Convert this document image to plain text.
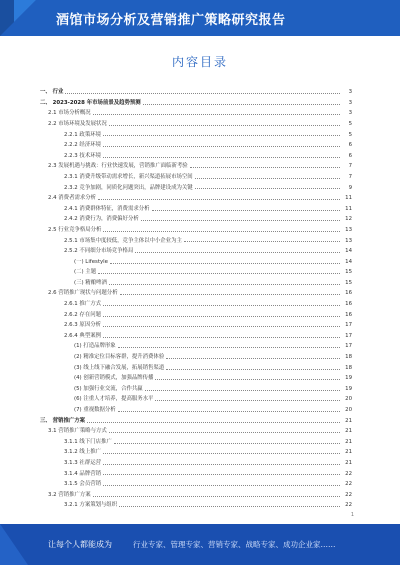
酒馆市场分析及营销推广策略研究报告
内容目录
一、 行业	3
二、 2023-2028 年市场前景及趋势预测	3
2.1 市场分析概况	3
2.2 市场环境及发展状况	5
2.2.1 政策环境	5
2.2.2 经济环境	6
2.2.3 技术环境	6
2.3 发展机遇与挑战：行业快速发展，营销推广面临新考验	7
2.3.1 消费升级带动需求增长，新兴渠道拓展市场空间	7
2.3.2 竞争加剧，同质化问题突出，品牌建设成为关键	9
2.4 消费者需求分析	11
2.4.1 消费群体特征，消费需求分析	11
2.4.2 消费行为，消费偏好分析	12
2.5 行业竞争格局分析	13
2.5.1 市场集中度较低，竞争主体以中小企业为主	13
2.5.2 不同细分市场竞争格局	14
(一) Lifestyle	14
(二) 主题	15
(三) 精酿啤酒	15
2.6 营销推广现状与问题分析	16
2.6.1 推广方式	16
2.6.2 存在问题	16
2.6.3 原因分析	17
2.6.4 典型案例	17
(1) 打造品牌形象	17
(2) 精准定位目标客群，提升消费体验	18
(3) 线上线下融合发展，拓展销售渠道	18
(4) 创新营销模式，加强品牌传播	19
(5) 加强行业交流，合作共赢	19
(6) 注重人才培养，提高服务水平	20
(7) 重视数据分析	20
三、 营销推广方案	21
3.1 营销推广策略与方式	21
3.1.1 线下门店推广	21
3.1.2 线上推广	21
3.1.3 社群运营	21
3.1.4 品牌营销	22
3.1.5 会员营销	22
3.2 营销推广方案	22
3.2.1 方案策划与组织	22
1
让每个人都能成为	行业专家、管理专家、营销专家、战略专家、成功企业家……
